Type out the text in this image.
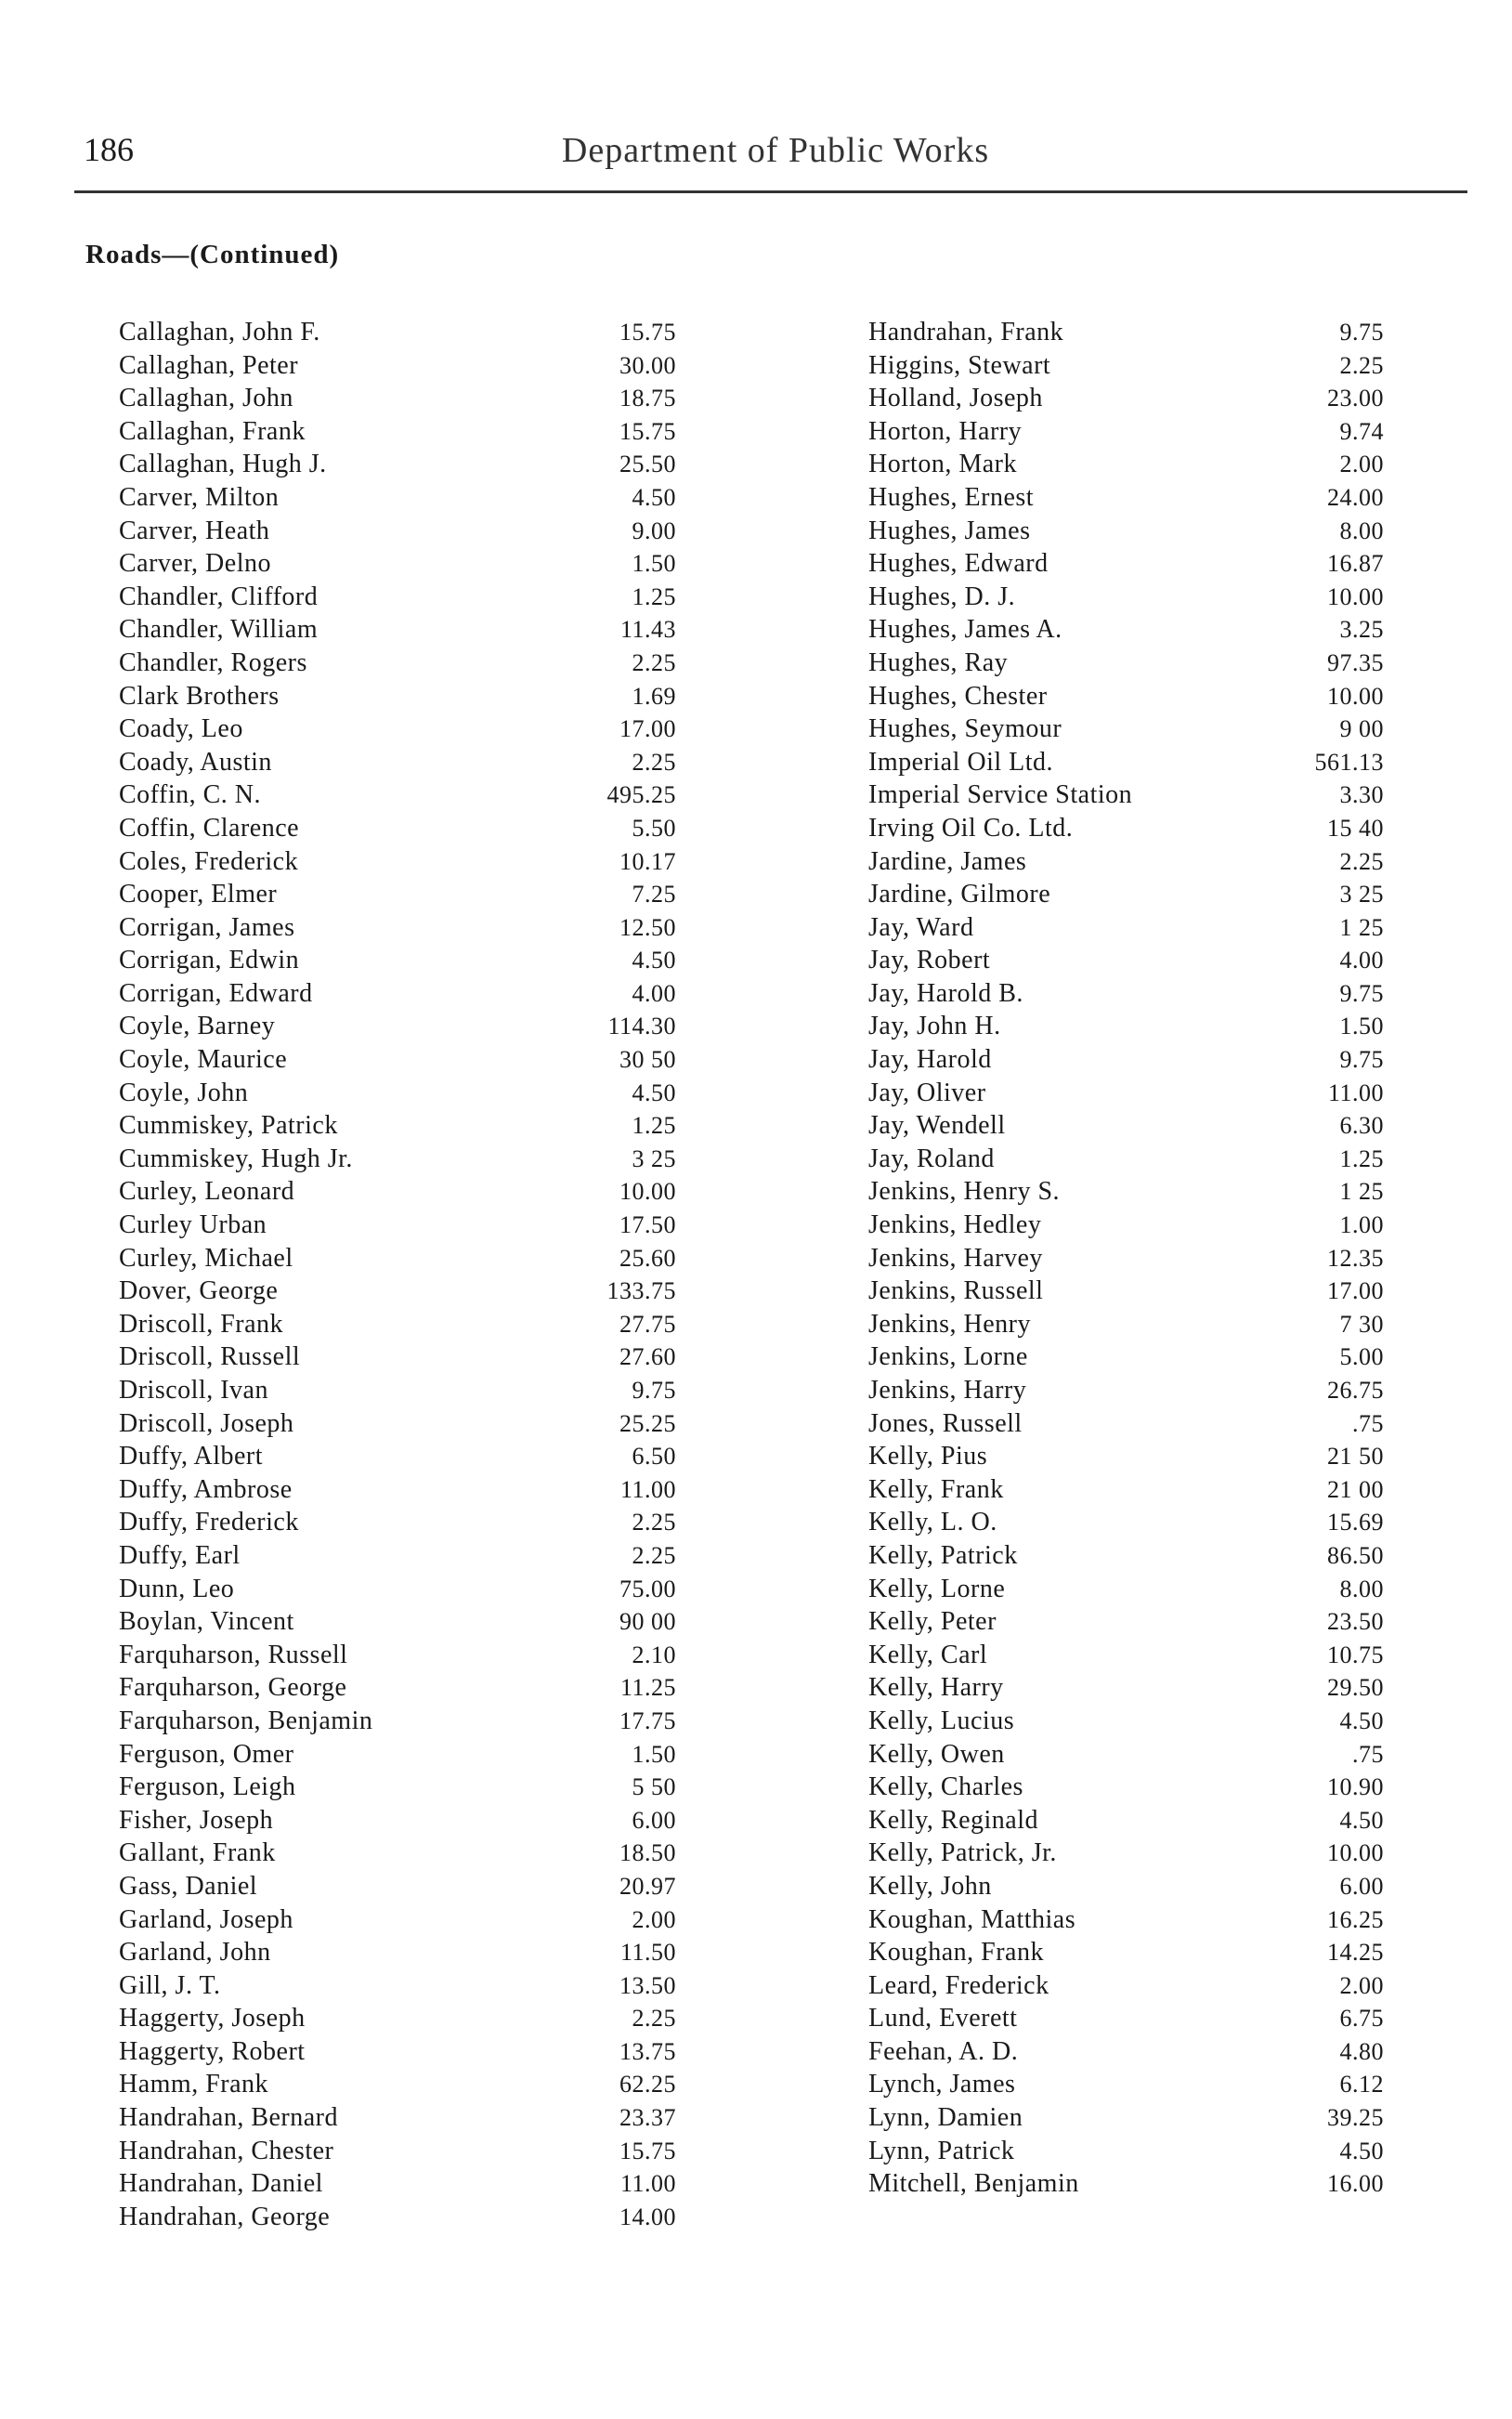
186	Department of Public Works
Roads—(Continued)
Callaghan, John F.	15.75
Callaghan, Peter	30.00
Callaghan, John	18.75
Callaghan, Frank	15.75
Callaghan, Hugh J.	25.50
Carver, Milton	4.50
Carver, Heath	9.00
Carver, Delno	1.50
Chandler, Clifford	1.25
Chandler, William	11.43
Chandler, Rogers	2.25
Clark Brothers	1.69
Coady, Leo	17.00
Coady, Austin	2.25
Coffin, C. N.	495.25
Coffin, Clarence	5.50
Coles, Frederick	10.17
Cooper, Elmer	7.25
Corrigan, James	12.50
Corrigan, Edwin	4.50
Corrigan, Edward	4.00
Coyle, Barney	114.30
Coyle, Maurice	30 50
Coyle, John	4.50
Cummiskey, Patrick	1.25
Cummiskey, Hugh Jr.	3 25
Curley, Leonard	10.00
Curley Urban	17.50
Curley, Michael	25.60
Dover, George	133.75
Driscoll, Frank	27.75
Driscoll, Russell	27.60
Driscoll, Ivan	9.75
Driscoll, Joseph	25.25
Duffy, Albert	6.50
Duffy, Ambrose	11.00
Duffy, Frederick	2.25
Duffy, Earl	2.25
Dunn, Leo	75.00
Boylan, Vincent	90 00
Farquharson, Russell	2.10
Farquharson, George	11.25
Farquharson, Benjamin	17.75
Ferguson, Omer	1.50
Ferguson, Leigh	5 50
Fisher, Joseph	6.00
Gallant, Frank	18.50
Gass, Daniel	20.97
Garland, Joseph	2.00
Garland, John	11.50
Gill, J. T.	13.50
Haggerty, Joseph	2.25
Haggerty, Robert	13.75
Hamm, Frank	62.25
Handrahan, Bernard	23.37
Handrahan, Chester	15.75
Handrahan, Daniel	11.00
Handrahan, George	14.00
Handrahan, Frank	9.75
Higgins, Stewart	2.25
Holland, Joseph	23.00
Horton, Harry	9.74
Horton, Mark	2.00
Hughes, Ernest	24.00
Hughes, James	8.00
Hughes, Edward	16.87
Hughes, D. J.	10.00
Hughes, James A.	3.25
Hughes, Ray	97.35
Hughes, Chester	10.00
Hughes, Seymour	9 00
Imperial Oil Ltd.	561.13
Imperial Service Station	3.30
Irving Oil Co. Ltd.	15 40
Jardine, James	2.25
Jardine, Gilmore	3 25
Jay, Ward	1 25
Jay, Robert	4.00
Jay, Harold B.	9.75
Jay, John H.	1.50
Jay, Harold	9.75
Jay, Oliver	11.00
Jay, Wendell	6.30
Jay, Roland	1.25
Jenkins, Henry S.	1 25
Jenkins, Hedley	1.00
Jenkins, Harvey	12.35
Jenkins, Russell	17.00
Jenkins, Henry	7 30
Jenkins, Lorne	5.00
Jenkins, Harry	26.75
Jones, Russell	.75
Kelly, Pius	21 50
Kelly, Frank	21 00
Kelly, L. O.	15.69
Kelly, Patrick	86.50
Kelly, Lorne	8.00
Kelly, Peter	23.50
Kelly, Carl	10.75
Kelly, Harry	29.50
Kelly, Lucius	4.50
Kelly, Owen	.75
Kelly, Charles	10.90
Kelly, Reginald	4.50
Kelly, Patrick, Jr.	10.00
Kelly, John	6.00
Koughan, Matthias	16.25
Koughan, Frank	14.25
Leard, Frederick	2.00
Lund, Everett	6.75
Feehan, A. D.	4.80
Lynch, James	6.12
Lynn, Damien	39.25
Lynn, Patrick	4.50
Mitchell, Benjamin	16.00
